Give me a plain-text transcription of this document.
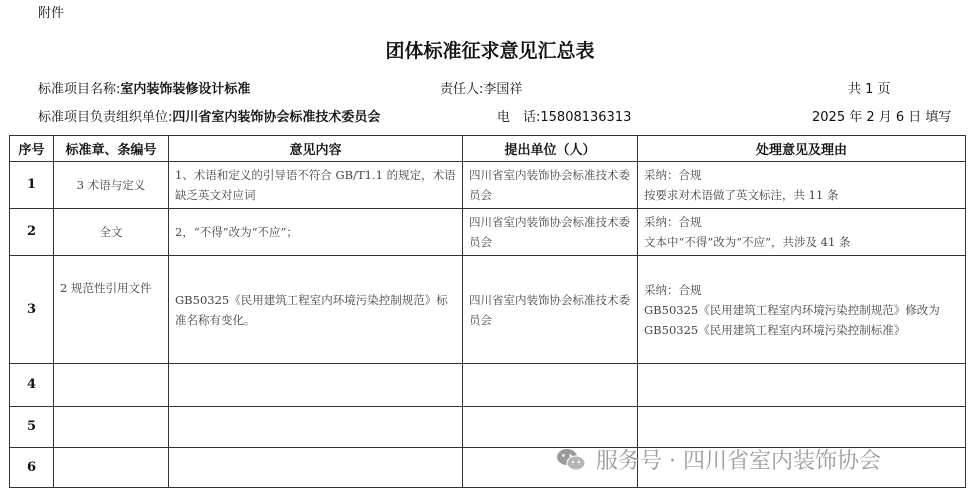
附件
团体标准征求意见汇总表
标准项目名称:室内装饰装修设计标准	责任人:李国祥	共 1 页
标准项目负责组织单位:四川省室内装饰协会标准技术委员会	电　话:15808136313	2025 年 2 月 6 日 填写
序号	标准章、条编号	意见内容	提出单位（人）	处理意见及理由
1	3 术语与定义	1、术语和定义的引导语不符合 GB/T1.1 的规定，术语缺乏英文对应词	四川省室内装饰协会标准技术委员会	采纳：合规
按要求对术语做了英文标注，共 11 条
2	全文	2，“不得”改为“不应”；	四川省室内装饰协会标准技术委员会	采纳：合规
文本中“不得”改为“不应”，共涉及 41 条
3	2 规范性引用文件	GB50325《民用建筑工程室内环境污染控制规范》标准名称有变化。	四川省室内装饰协会标准技术委员会	采纳：合规
GB50325《民用建筑工程室内环境污染控制规范》修改为 GB50325《民用建筑工程室内环境污染控制标准》
4				
5				
6					服务号 · 四川省室内装饰协会
